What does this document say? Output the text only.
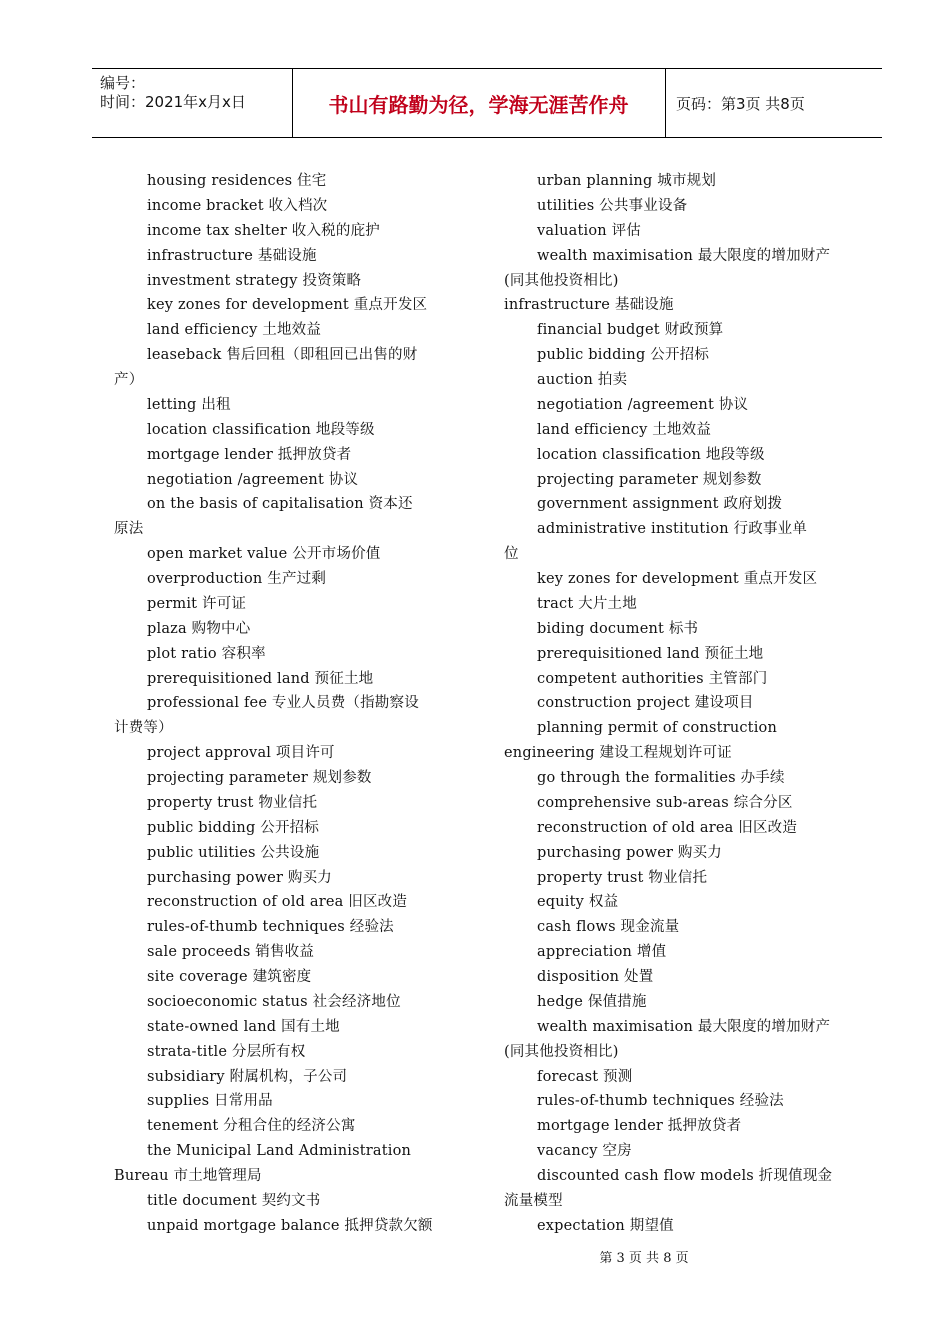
编号：
时间：2021年x月x日	书山有路勤为径，学海无涯苦作舟	页码：第3页 共8页
housing residences 住宅
income bracket 收入档次
income tax shelter 收入税的庇护
infrastructure 基础设施
investment strategy 投资策略
key zones for development 重点开发区
land efficiency 土地效益
leaseback 售后回租（即租回已出售的财
产）
letting 出租
location classification 地段等级
mortgage lender 抵押放贷者
negotiation /agreement 协议
on the basis of capitalisation 资本还
原法
open market value 公开市场价值
overproduction 生产过剩
permit 许可证
plaza 购物中心
plot ratio 容积率
prerequisitioned land 预征土地
professional fee 专业人员费（指勘察设
计费等）
project approval 项目许可
projecting parameter 规划参数
property trust 物业信托
public bidding 公开招标
public utilities 公共设施
purchasing power 购买力
reconstruction of old area 旧区改造
rules-of-thumb techniques 经验法
sale proceeds 销售收益
site coverage 建筑密度
socioeconomic status 社会经济地位
state-owned land 国有土地
strata-title 分层所有权
subsidiary 附属机构，子公司
supplies 日常用品
tenement 分租合住的经济公寓
the Municipal Land Administration
Bureau 市土地管理局
title document 契约文书
unpaid mortgage balance 抵押贷款欠额
urban planning 城市规划
utilities 公共事业设备
valuation 评估
wealth maximisation 最大限度的增加财产
(同其他投资相比)
infrastructure 基础设施
financial budget 财政预算
public bidding 公开招标
auction 拍卖
negotiation /agreement 协议
land efficiency 土地效益
location classification 地段等级
projecting parameter 规划参数
government assignment 政府划拨
administrative institution 行政事业单
位
key zones for development 重点开发区
tract 大片土地
biding document 标书
prerequisitioned land 预征土地
competent authorities 主管部门
construction project 建设项目
planning permit of construction
engineering 建设工程规划许可证
go through the formalities 办手续
comprehensive sub-areas 综合分区
reconstruction of old area 旧区改造
purchasing power 购买力
property trust 物业信托
equity 权益
cash flows 现金流量
appreciation 增值
disposition 处置
hedge 保值措施
wealth maximisation 最大限度的增加财产
(同其他投资相比)
forecast 预测
rules-of-thumb techniques 经验法
mortgage lender 抵押放贷者
vacancy 空房
discounted cash flow models 折现值现金
流量模型
expectation 期望值
第 3 页 共 8 页
